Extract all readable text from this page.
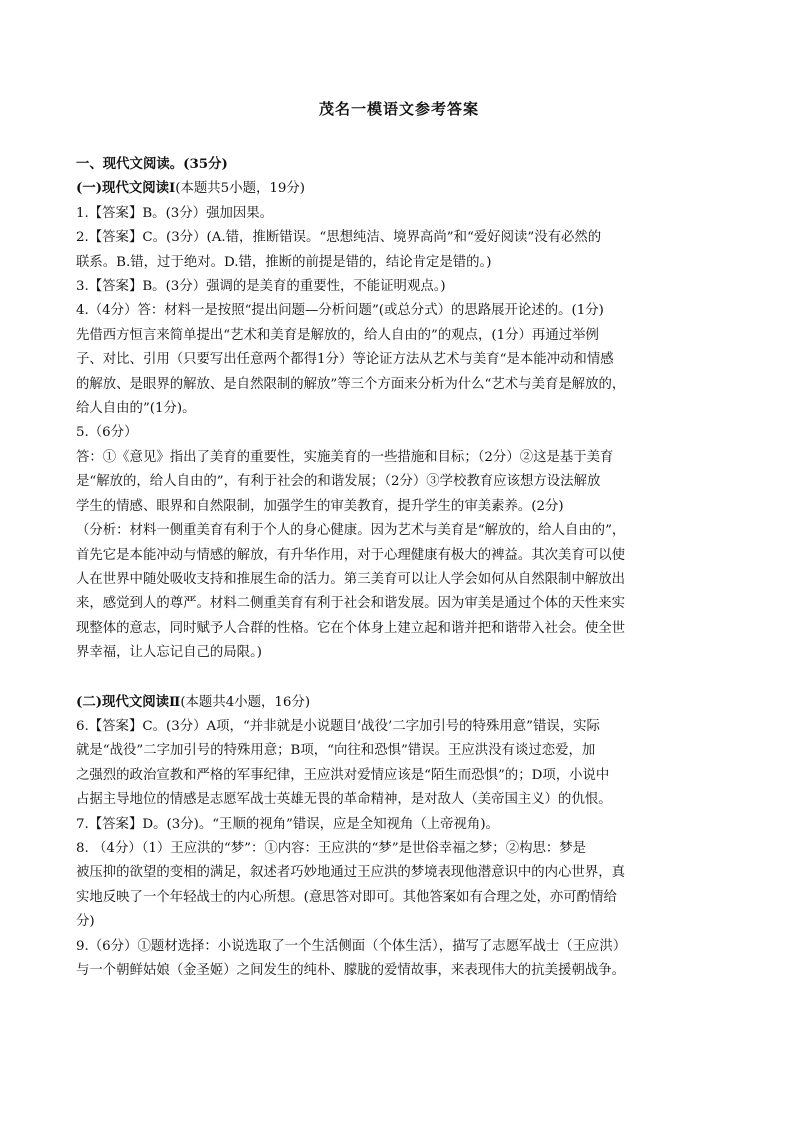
茂名一模语文参考答案
一、现代文阅读。(35分)
(一)现代文阅读Ⅰ(本题共5小题，19分)
1.【答案】B。(3分）强加因果。
2.【答案】C。(3分）(A.错，推断错误。“思想纯洁、境界高尚”和“爱好阅读”没有必然的
联系。B.错，过于绝对。D.错，推断的前提是错的，结论肯定是错的。)
3.【答案】B。(3分）强调的是美育的重要性，不能证明观点。)
4.（4分）答：材料一是按照“提出问题—分析问题”(或总分式）的思路展开论述的。(1分)
先借西方恒言来简单提出“艺术和美育是解放的，给人自由的”的观点，(1分）再通过举例
子、对比、引用（只要写出任意两个都得1分）等论证方法从艺术与美育“是本能冲动和情感
的解放、是眼界的解放、是自然限制的解放”等三个方面来分析为什么“艺术与美育是解放的，
给人自由的”(1分)。
5.（6分）
答：①《意见》指出了美育的重要性，实施美育的一些措施和目标；（2分）②这是基于美育
是“解放的，给人自由的”，有利于社会的和谐发展；（2分）③学校教育应该想方设法解放
学生的情感、眼界和自然限制，加强学生的审美教育，提升学生的审美素养。(2分)
（分析：材料一侧重美育有利于个人的身心健康。因为艺术与美育是“解放的，给人自由的”，
首先它是本能冲动与情感的解放，有升华作用，对于心理健康有极大的裨益。其次美育可以使
人在世界中随处吸收支持和推展生命的活力。第三美育可以让人学会如何从自然限制中解放出
来，感觉到人的尊严。材料二侧重美育有利于社会和谐发展。因为审美是通过个体的天性来实
现整体的意志，同时赋予人合群的性格。它在个体身上建立起和谐并把和谐带入社会。使全世
界幸福，让人忘记自己的局限。)
(二)现代文阅读Ⅱ(本题共4小题，16分)
6.【答案】C。(3分）A项，“并非就是小说题目‘战役’二字加引号的特殊用意”错误，实际
就是“战役”二字加引号的特殊用意；B项，“向往和恐惧”错误。王应洪没有谈过恋爱，加
之强烈的政治宣教和严格的军事纪律，王应洪对爱情应该是“陌生而恐惧”的；D项，小说中
占据主导地位的情感是志愿军战士英雄无畏的革命精神，是对敌人（美帝国主义）的仇恨。
7.【答案】D。(3分)。“王顺的视角”错误，应是全知视角（上帝视角)。
8. （4分）（1）王应洪的“梦”：①内容：王应洪的“梦”是世俗幸福之梦；②构思：梦是
被压抑的欲望的变相的满足，叙述者巧妙地通过王应洪的梦境表现他潜意识中的内心世界，真
实地反映了一个年轻战士的内心所想。(意思答对即可。其他答案如有合理之处，亦可酌情给
分)
9.（6分）①题材选择：小说选取了一个生活侧面（个体生活），描写了志愿军战士（王应洪）
与一个朝鲜姑娘（金圣姬）之间发生的纯朴、朦胧的爱情故事，来表现伟大的抗美援朝战争。
